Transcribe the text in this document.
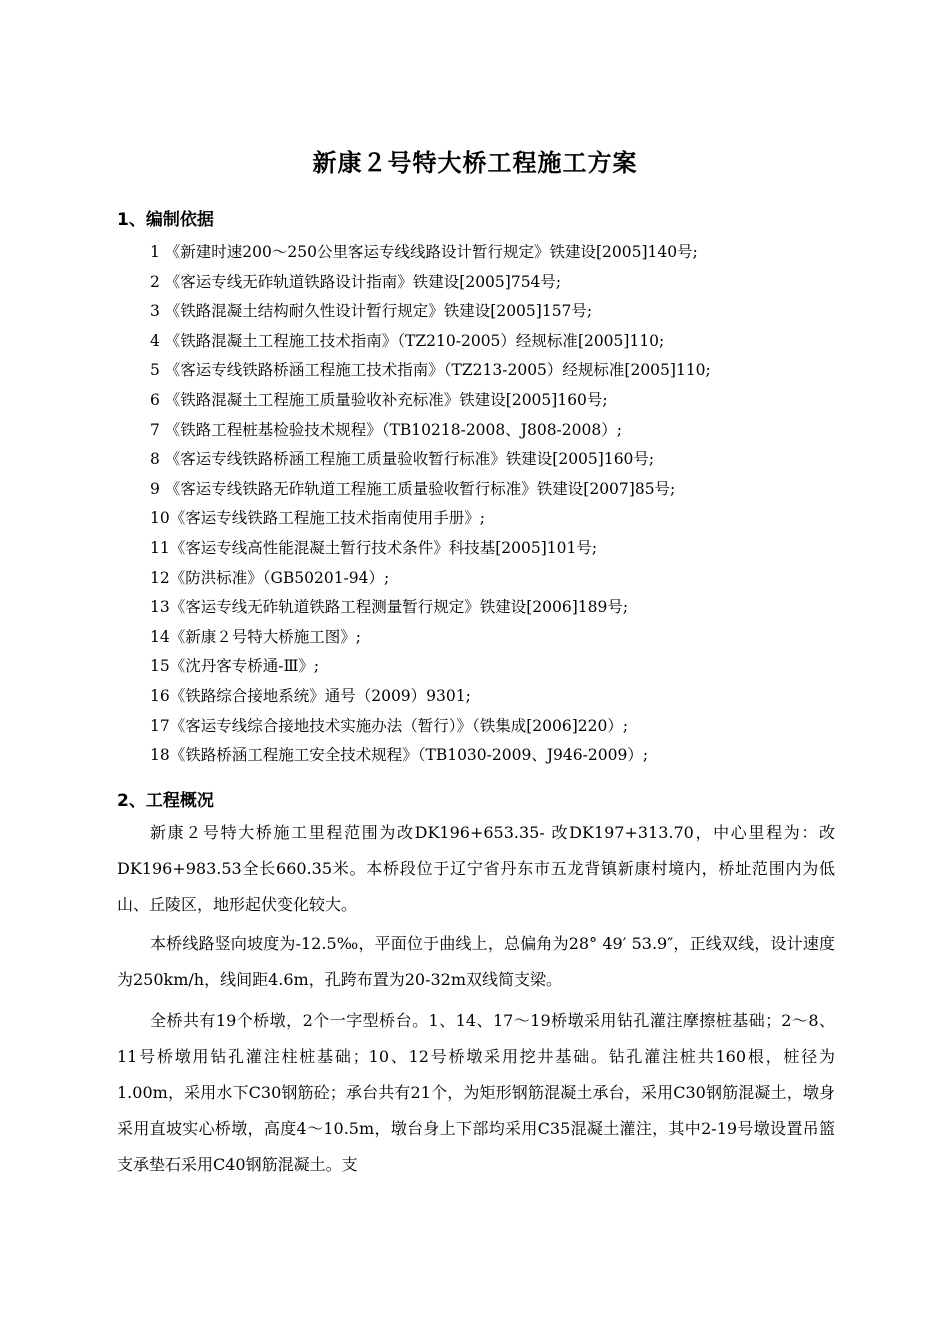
新康２号特大桥工程施工方案
1、编制依据
1 《新建时速200～250公里客运专线线路设计暂行规定》铁建设[2005]140号;
2 《客运专线无砟轨道铁路设计指南》铁建设[2005]754号;
3 《铁路混凝土结构耐久性设计暂行规定》铁建设[2005]157号;
4 《铁路混凝土工程施工技术指南》（TZ210-2005）经规标准[2005]110;
5 《客运专线铁路桥涵工程施工技术指南》（TZ213-2005）经规标准[2005]110;
6 《铁路混凝土工程施工质量验收补充标准》铁建设[2005]160号;
7 《铁路工程桩基检验技术规程》（TB10218-2008、J808-2008）;
8 《客运专线铁路桥涵工程施工质量验收暂行标准》铁建设[2005]160号;
9 《客运专线铁路无砟轨道工程施工质量验收暂行标准》铁建设[2007]85号;
10《客运专线铁路工程施工技术指南使用手册》;
11《客运专线高性能混凝土暂行技术条件》科技基[2005]101号;
12《防洪标准》（GB50201-94）;
13《客运专线无砟轨道铁路工程测量暂行规定》铁建设[2006]189号;
14《新康２号特大桥施工图》;
15《沈丹客专桥通-Ⅲ》;
16《铁路综合接地系统》通号（2009）9301;
17《客运专线综合接地技术实施办法（暂行）》（铁集成[2006]220）;
18《铁路桥涵工程施工安全技术规程》（TB1030-2009、J946-2009）;
2、工程概况
新康２号特大桥施工里程范围为改DK196+653.35- 改DK197+313.70，中心里程为：改DK196+983.53全长660.35米。本桥段位于辽宁省丹东市五龙背镇新康村境内，桥址范围内为低山、丘陵区，地形起伏变化较大。
本桥线路竖向坡度为-12.5‰，平面位于曲线上，总偏角为28° 49′ 53.9″，正线双线，设计速度为250km/h，线间距4.6m，孔跨布置为20-32m双线简支梁。
全桥共有19个桥墩，2个一字型桥台。1、14、17～19桥墩采用钻孔灌注摩擦桩基础；2～8、11号桥墩用钻孔灌注柱桩基础；10、12号桥墩采用挖井基础。钻孔灌注桩共160根，桩径为1.00m，采用水下C30钢筋砼；承台共有21个，为矩形钢筋混凝土承台，采用C30钢筋混凝土，墩身采用直坡实心桥墩，高度4～10.5m，墩台身上下部均采用C35混凝土灌注，其中2-19号墩设置吊篮支承垫石采用C40钢筋混凝土。支
